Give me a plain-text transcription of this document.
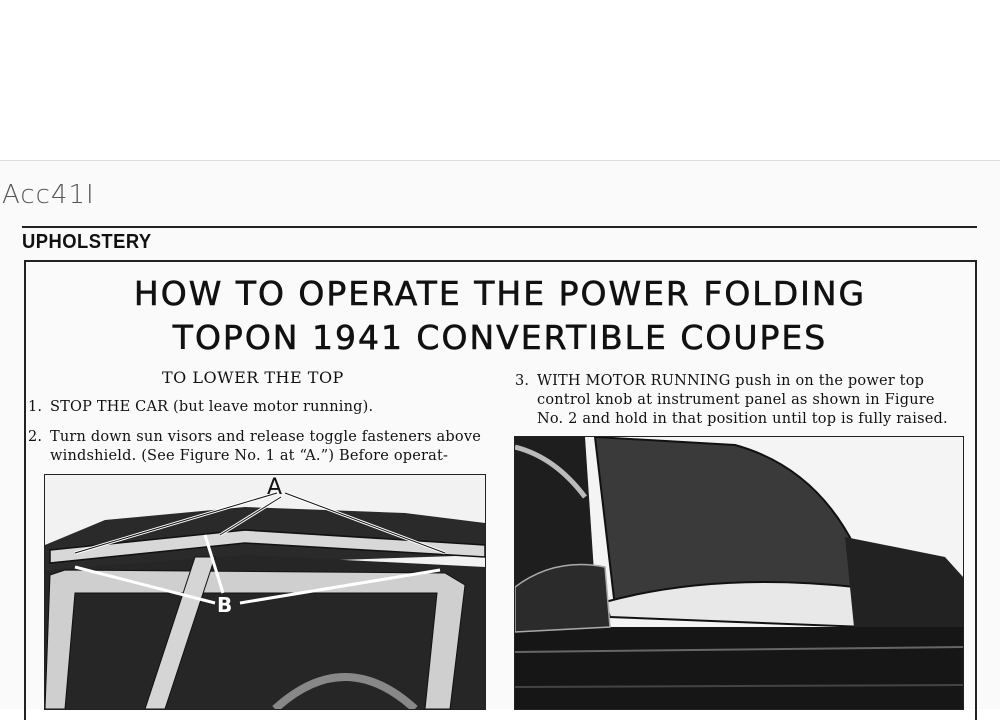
Acc41I
UPHOLSTERY
HOW TO OPERATE THE POWER FOLDING
TOPON 1941 CONVERTIBLE COUPES
TO LOWER THE TOP
1. STOP THE CAR (but leave motor running).
2. Turn down sun visors and release toggle fasteners above
windshield. (See Figure No. 1 at “A.”) Before operat-
3. WITH MOTOR RUNNING push in on the power top
control knob at instrument panel as shown in Figure
No. 2 and hold in that position until top is fully raised.
A
B
